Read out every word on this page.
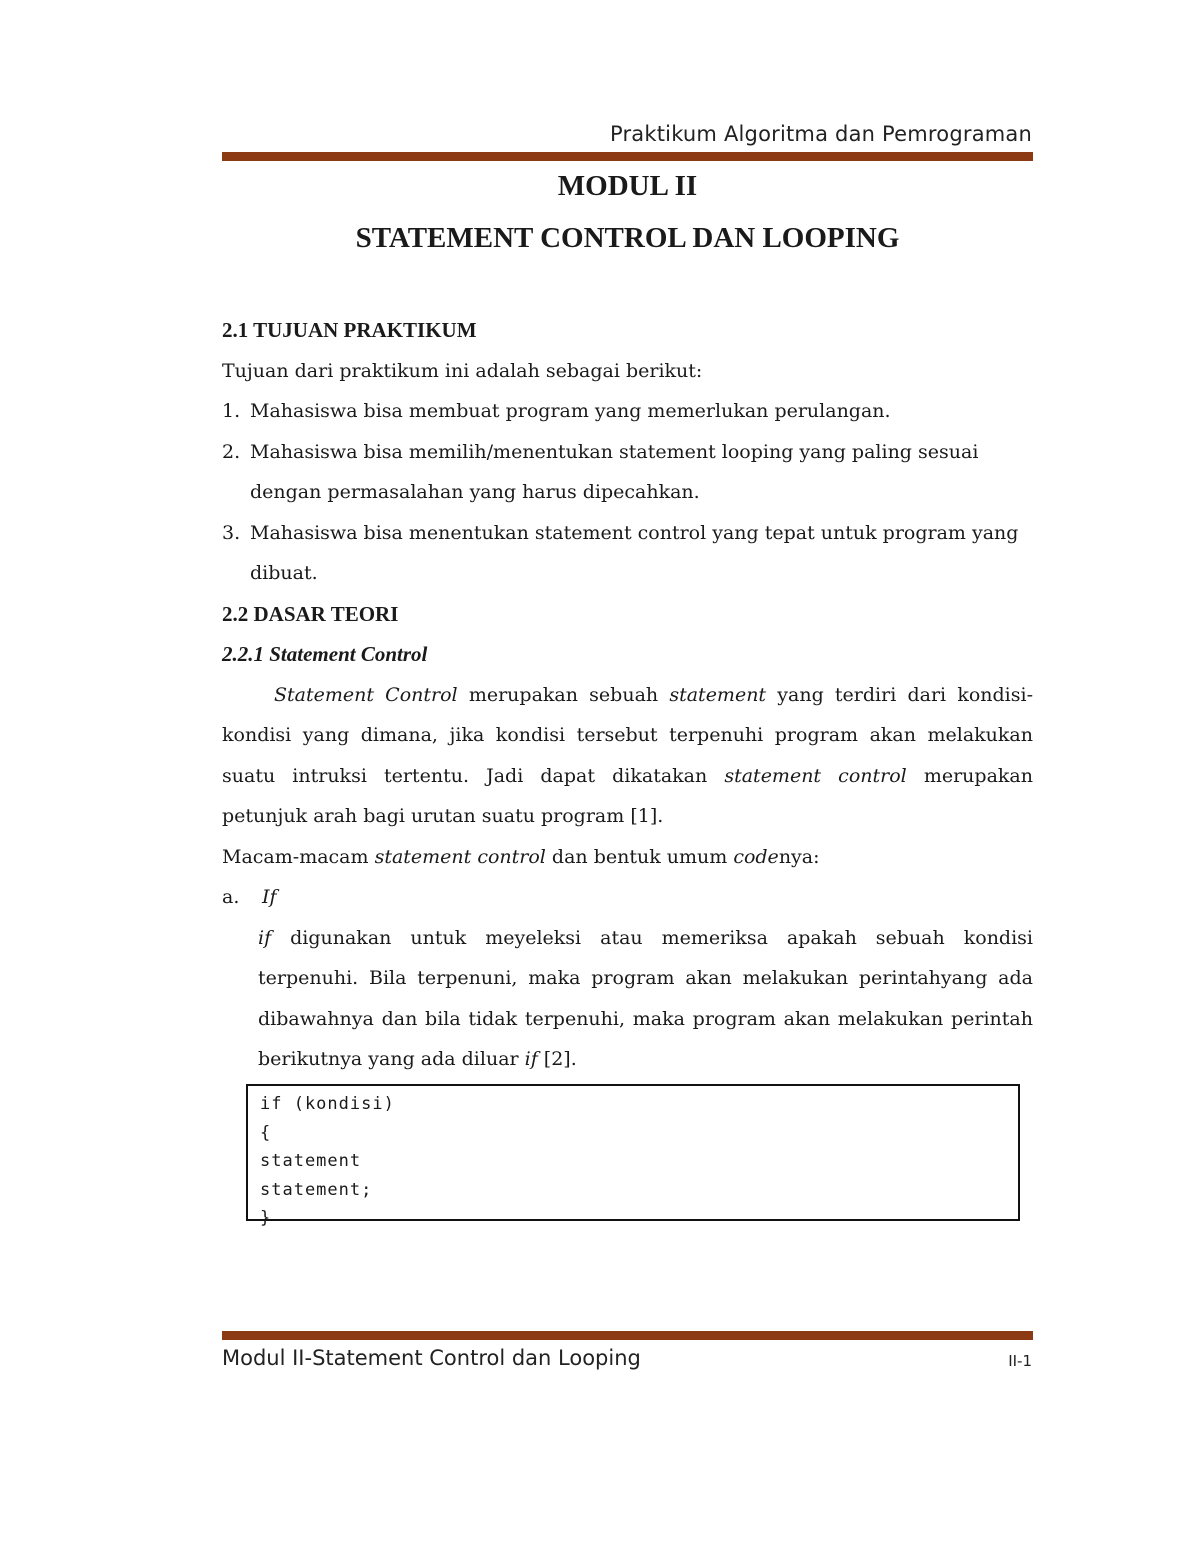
Praktikum Algoritma dan Pemrograman
MODUL II
STATEMENT CONTROL DAN LOOPING
2.1 TUJUAN PRAKTIKUM
Tujuan dari praktikum ini adalah sebagai berikut:
1. Mahasiswa bisa membuat program yang memerlukan perulangan.
2. Mahasiswa bisa memilih/menentukan statement looping yang paling sesuai dengan permasalahan yang harus dipecahkan.
3. Mahasiswa bisa menentukan statement control yang tepat untuk program yang dibuat.
2.2 DASAR TEORI
2.2.1 Statement Control
Statement Control merupakan sebuah statement yang terdiri dari kondisi-kondisi yang dimana, jika kondisi tersebut terpenuhi program akan melakukan suatu intruksi tertentu. Jadi dapat dikatakan statement control merupakan petunjuk arah bagi urutan suatu program [1].
Macam-macam statement control dan bentuk umum codenya:
a.	If
if digunakan untuk meyeleksi atau memeriksa apakah sebuah kondisi terpenuhi. Bila terpenuni, maka program akan melakukan perintahyang ada dibawahnya dan bila tidak terpenuhi, maka program akan melakukan perintah berikutnya yang ada diluar if [2].
if (kondisi)
{
statement
statement;
}
Modul II-Statement Control dan Looping	II-1
